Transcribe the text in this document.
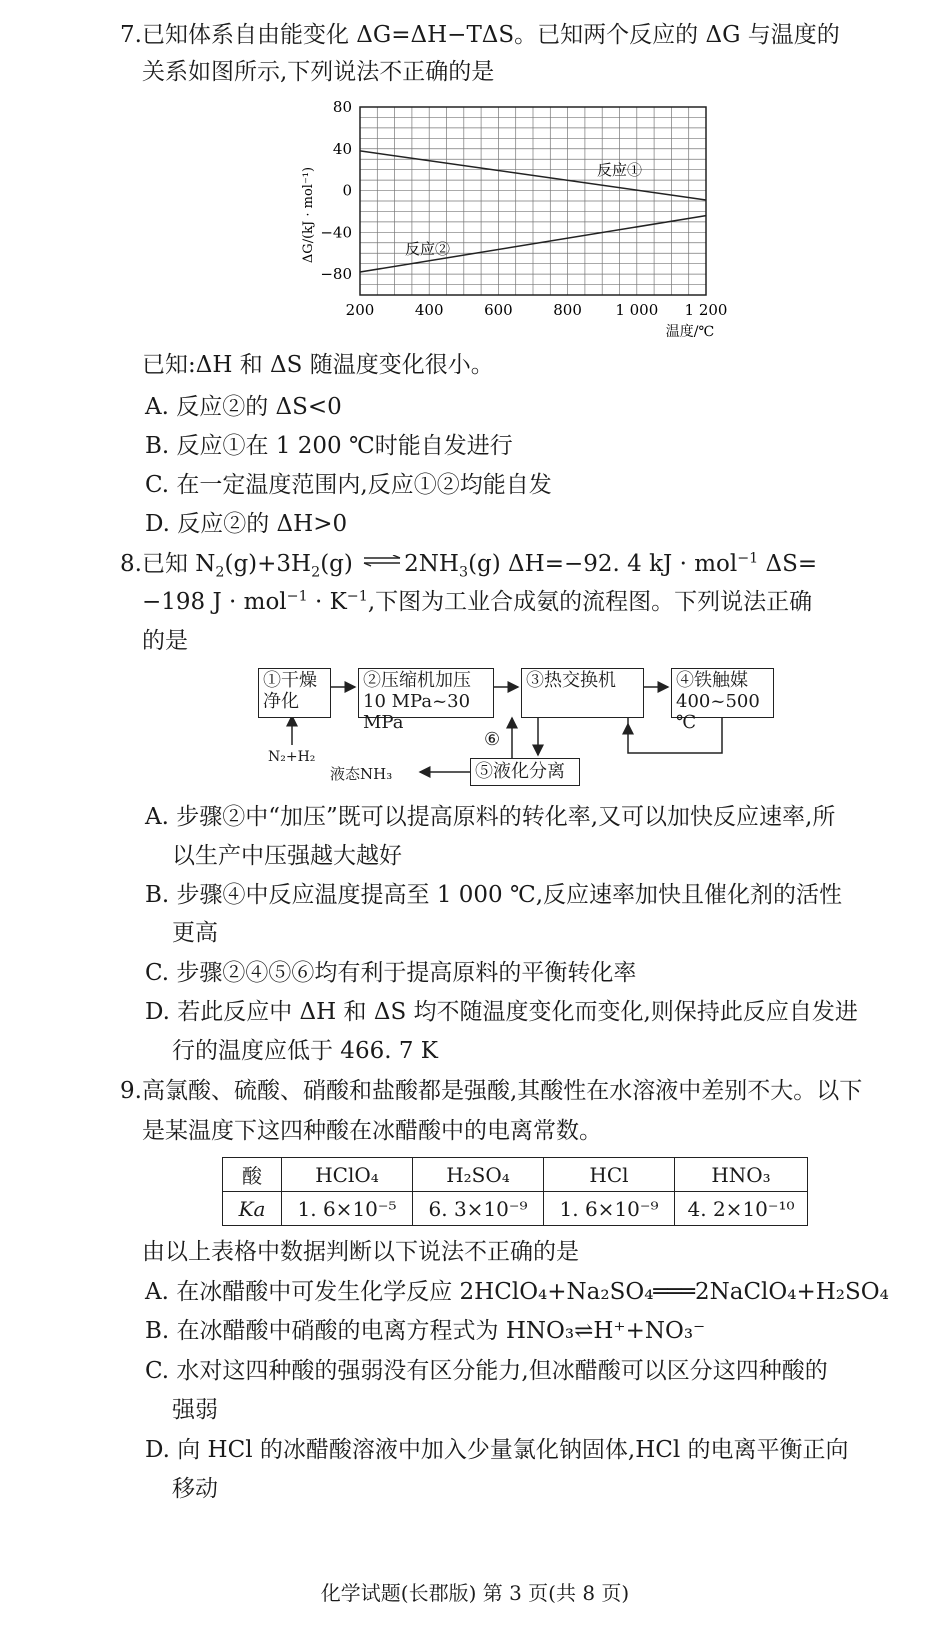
7.已知体系自由能变化 ΔG=ΔH−TΔS。已知两个反应的 ΔG 与温度的
关系如图所示,下列说法不正确的是
200	400	600	800 1 000 1 200
80
40
0
−40
−80
ΔG/(kJ · mol⁻¹)
温度/℃
反应①
反应②
已知:ΔH 和 ΔS 随温度变化很小。
A. 反应②的 ΔS<0
B. 反应①在 1 200 ℃时能自发进行
C. 在一定温度范围内,反应①②均能自发
D. 反应②的 ΔH>0
8.已知 $N_2(g)+3H_2(g)$ ⇌ $2NH_3(g)$ ΔH=−92. 4 kJ · mol$^{-1}$ ΔS=
−198 $J \cdot mol^{-1} \cdot K^{-1}$,下图为工业合成氨的流程图。下列说法正确
的是
①干燥
净化
②压缩机加压
10 MPa~30 MPa
③热交换机	④铁触媒
400~500 ℃
⑤液化分离
⑥
N₂+H₂
液态NH₃
A. 步骤②中“加压”既可以提高原料的转化率,又可以加快反应速率,所
以生产中压强越大越好
B. 步骤④中反应温度提高至 1 000 ℃,反应速率加快且催化剂的活性
更高
C. 步骤②④⑤⑥均有利于提高原料的平衡转化率
D. 若此反应中 ΔH 和 ΔS 均不随温度变化而变化,则保持此反应自发进
行的温度应低于 466. 7 K
9.高氯酸、硫酸、硝酸和盐酸都是强酸,其酸性在水溶液中差别不大。以下
是某温度下这四种酸在冰醋酸中的电离常数。
酸	HClO₄	H₂SO₄	HCl	HNO₃
Ka	1. 6×10⁻⁵	6. 3×10⁻⁹	1. 6×10⁻⁹	4. 2×10⁻¹⁰
由以上表格中数据判断以下说法不正确的是
A. 在冰醋酸中可发生化学反应 2HClO₄+Na₂SO₄═══2NaClO₄+H₂SO₄
B. 在冰醋酸中硝酸的电离方程式为 HNO₃⇌H⁺+NO₃⁻
C. 水对这四种酸的强弱没有区分能力,但冰醋酸可以区分这四种酸的
强弱
D. 向 HCl 的冰醋酸溶液中加入少量氯化钠固体,HCl 的电离平衡正向
移动
化学试题(长郡版) 第 3 页(共 8 页)
